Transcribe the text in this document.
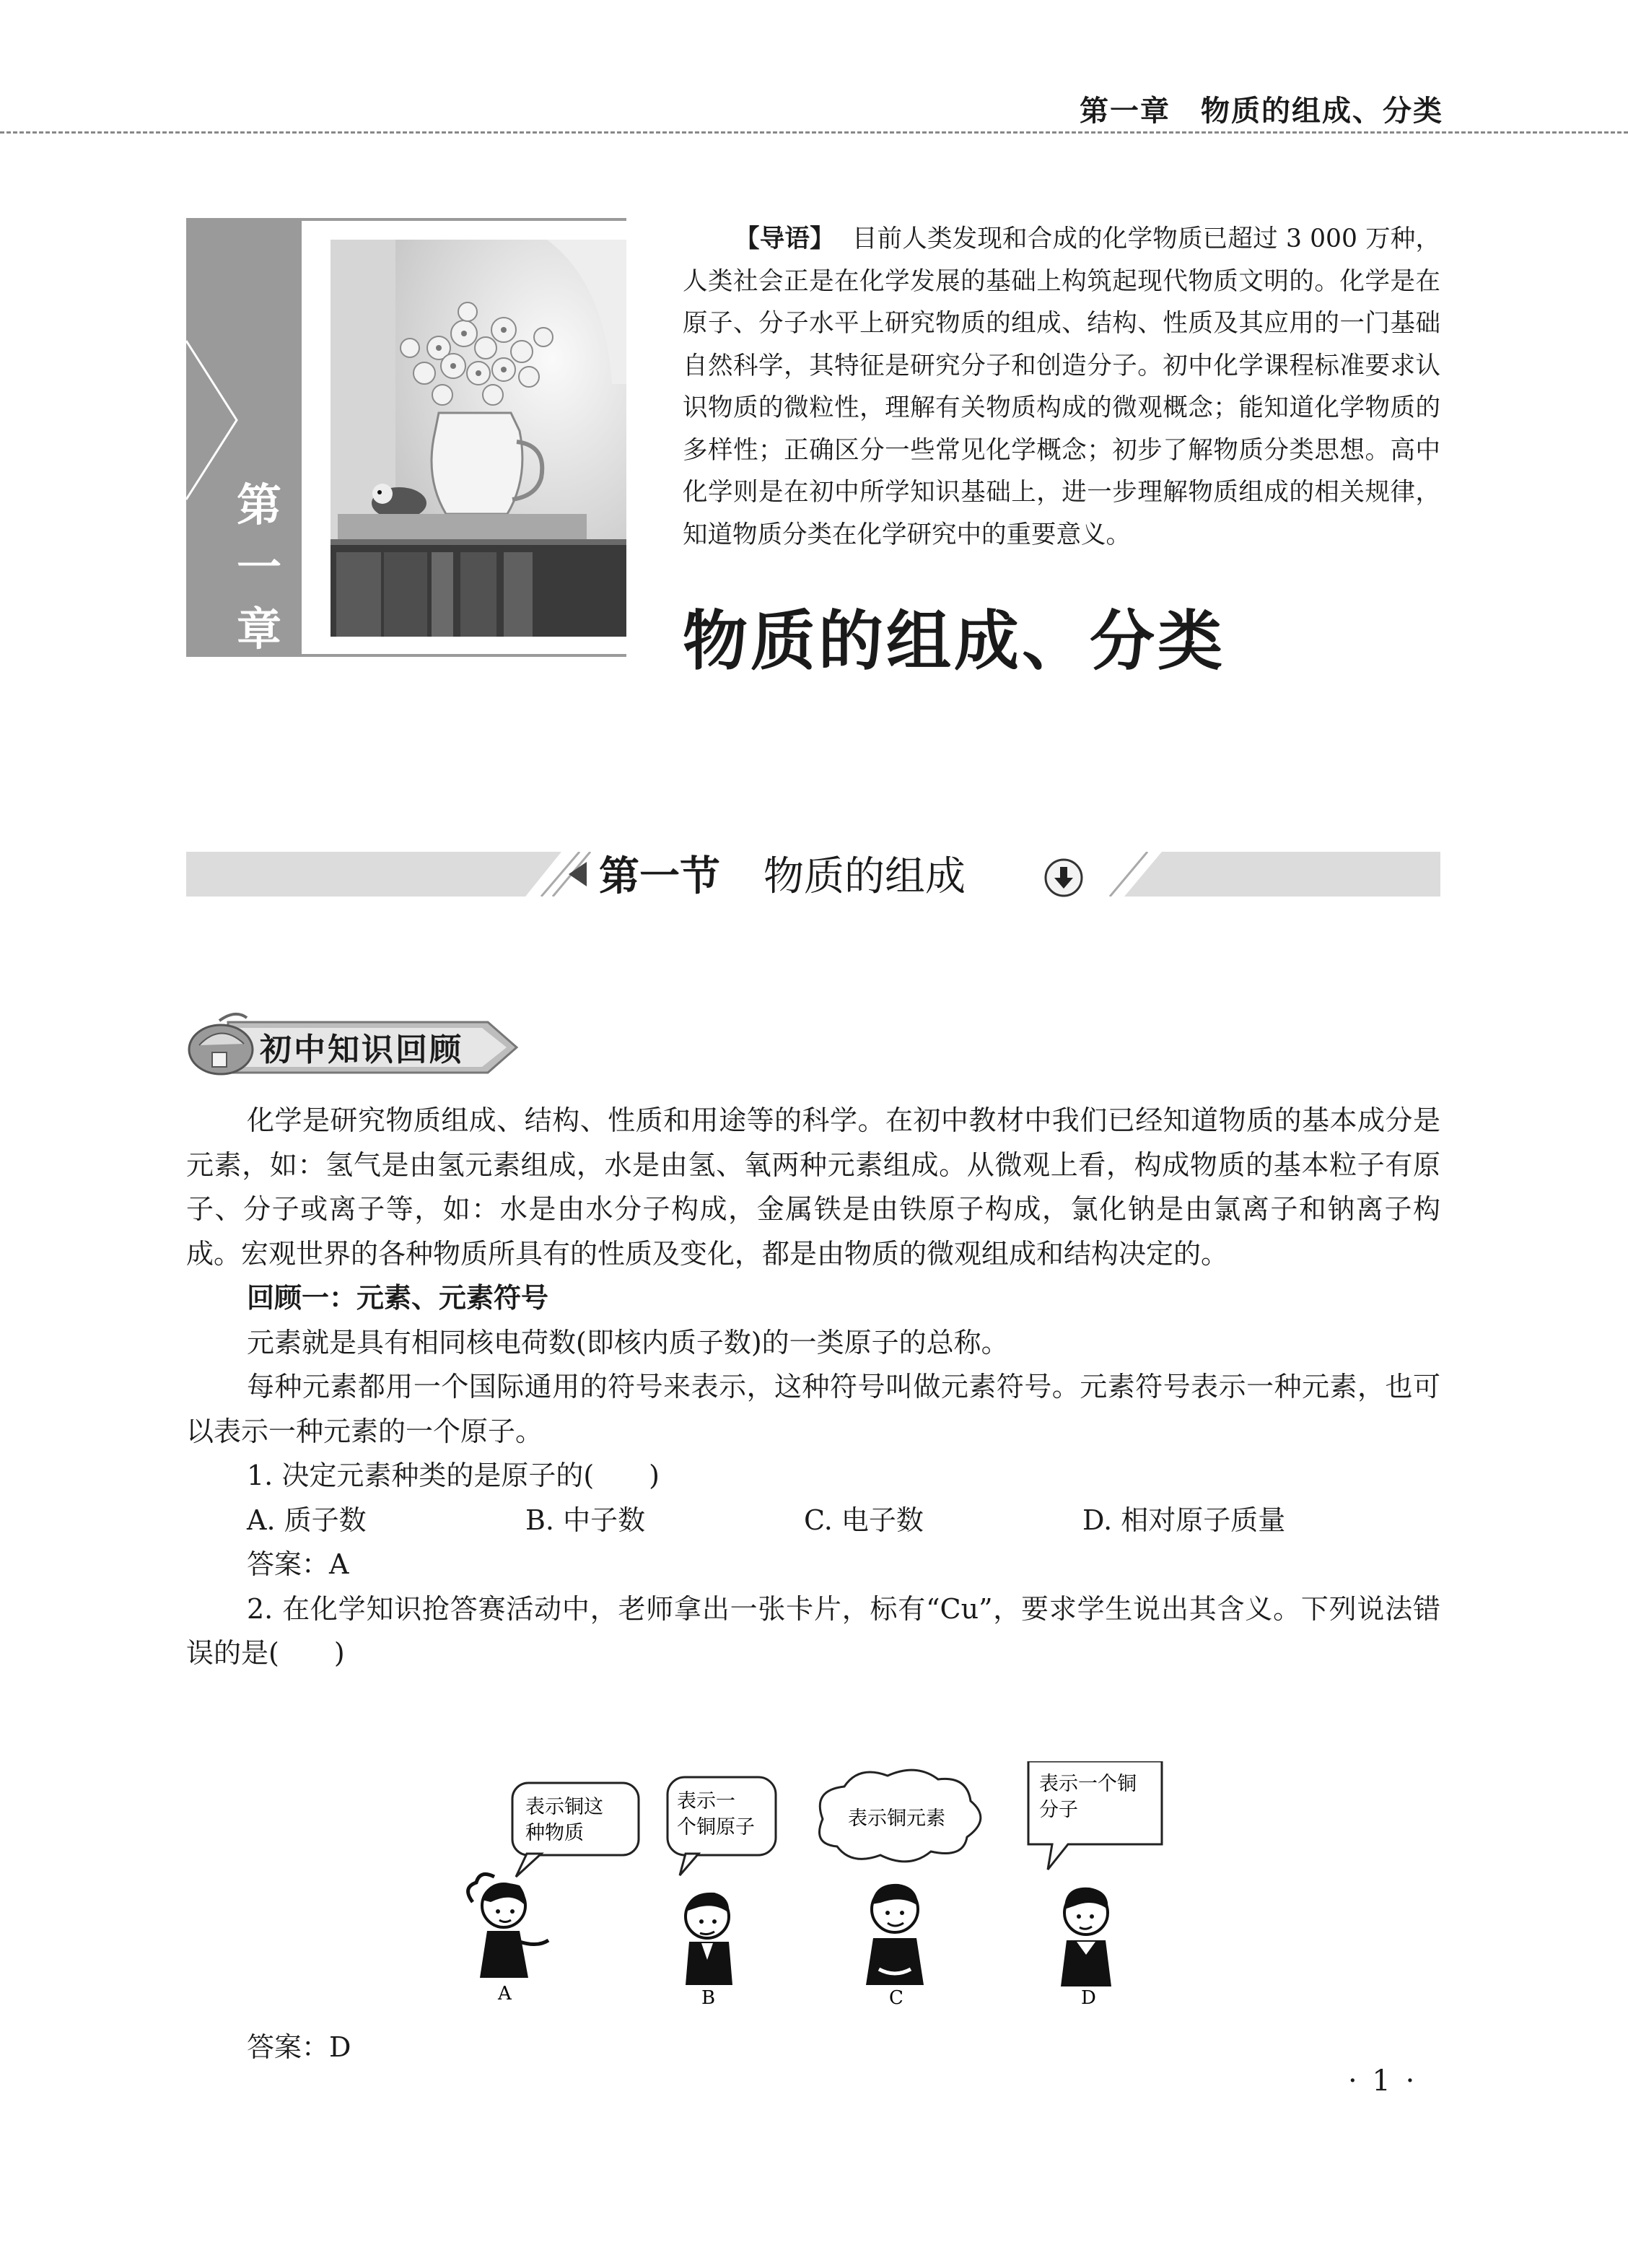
第一章　物质的组成、分类
第
一
章
【导语】 目前人类发现和合成的化学物质已超过 3 000 万种，人类社会正是在化学发展的基础上构筑起现代物质文明的。化学是在原子、分子水平上研究物质的组成、结构、性质及其应用的一门基础自然科学，其特征是研究分子和创造分子。初中化学课程标准要求认识物质的微粒性，理解有关物质构成的微观概念；能知道化学物质的多样性；正确区分一些常见化学概念；初步了解物质分类思想。高中化学则是在初中所学知识基础上，进一步理解物质组成的相关规律，知道物质分类在化学研究中的重要意义。
物质的组成、分类
第一节 物质的组成
初中知识回顾

化学是研究物质组成、结构、性质和用途等的科学。在初中教材中我们已经知道物质的基本成分是元素，如：氢气是由氢元素组成，水是由氢、氧两种元素组成。从微观上看，构成物质的基本粒子有原子、分子或离子等，如：水是由水分子构成，金属铁是由铁原子构成，氯化钠是由氯离子和钠离子构成。宏观世界的各种物质所具有的性质及变化，都是由物质的微观组成和结构决定的。

回顾一：元素、元素符号

元素就是具有相同核电荷数(即核内质子数)的一类原子的总称。

每种元素都用一个国际通用的符号来表示，这种符号叫做元素符号。元素符号表示一种元素，也可以表示一种元素的一个原子。

1. 决定元素种类的是原子的(　　)
A. 质子数	B. 中子数	C. 电子数	D. 相对原子质量
答案：A

2. 在化学知识抢答赛活动中，老师拿出一张卡片，标有“Cu”，要求学生说出其含义。下列说法错误的是(　　)

表示铜这
种物质
表示一
个铜原子	表示铜元素
表示一个铜
分子
A	B	C	D
答案：D
· 1 ·
